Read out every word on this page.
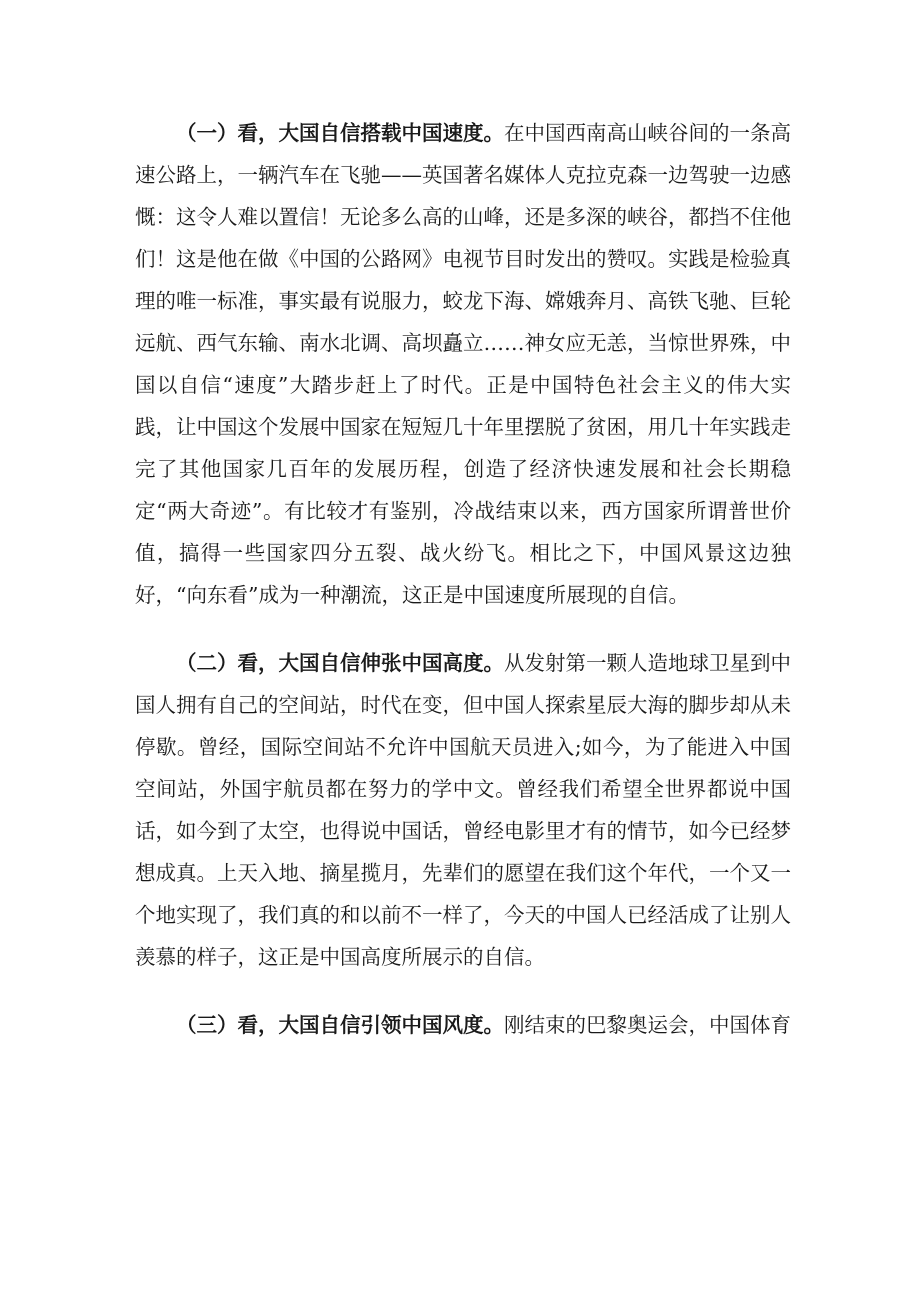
（一）看，大国自信搭载中国速度。在中国西南高山峡谷间的一条高速公路上，一辆汽车在飞驰——英国著名媒体人克拉克森一边驾驶一边感慨：这令人难以置信！无论多么高的山峰，还是多深的峡谷，都挡不住他们！这是他在做《中国的公路网》电视节目时发出的赞叹。实践是检验真理的唯一标准，事实最有说服力，蛟龙下海、嫦娥奔月、高铁飞驰、巨轮远航、西气东输、南水北调、高坝矗立……神女应无恙，当惊世界殊，中国以自信“速度”大踏步赶上了时代。正是中国特色社会主义的伟大实践，让中国这个发展中国家在短短几十年里摆脱了贫困，用几十年实践走完了其他国家几百年的发展历程，创造了经济快速发展和社会长期稳定“两大奇迹”。有比较才有鉴别，冷战结束以来，西方国家所谓普世价值，搞得一些国家四分五裂、战火纷飞。相比之下，中国风景这边独好，“向东看”成为一种潮流，这正是中国速度所展现的自信。

（二）看，大国自信伸张中国高度。从发射第一颗人造地球卫星到中国人拥有自己的空间站，时代在变，但中国人探索星辰大海的脚步却从未停歇。曾经，国际空间站不允许中国航天员进入;如今，为了能进入中国空间站，外国宇航员都在努力的学中文。曾经我们希望全世界都说中国话，如今到了太空，也得说中国话，曾经电影里才有的情节，如今已经梦想成真。上天入地、摘星揽月，先辈们的愿望在我们这个年代，一个又一个地实现了，我们真的和以前不一样了，今天的中国人已经活成了让别人羡慕的样子，这正是中国高度所展示的自信。

（三）看，大国自信引领中国风度。刚结束的巴黎奥运会，中国体育
